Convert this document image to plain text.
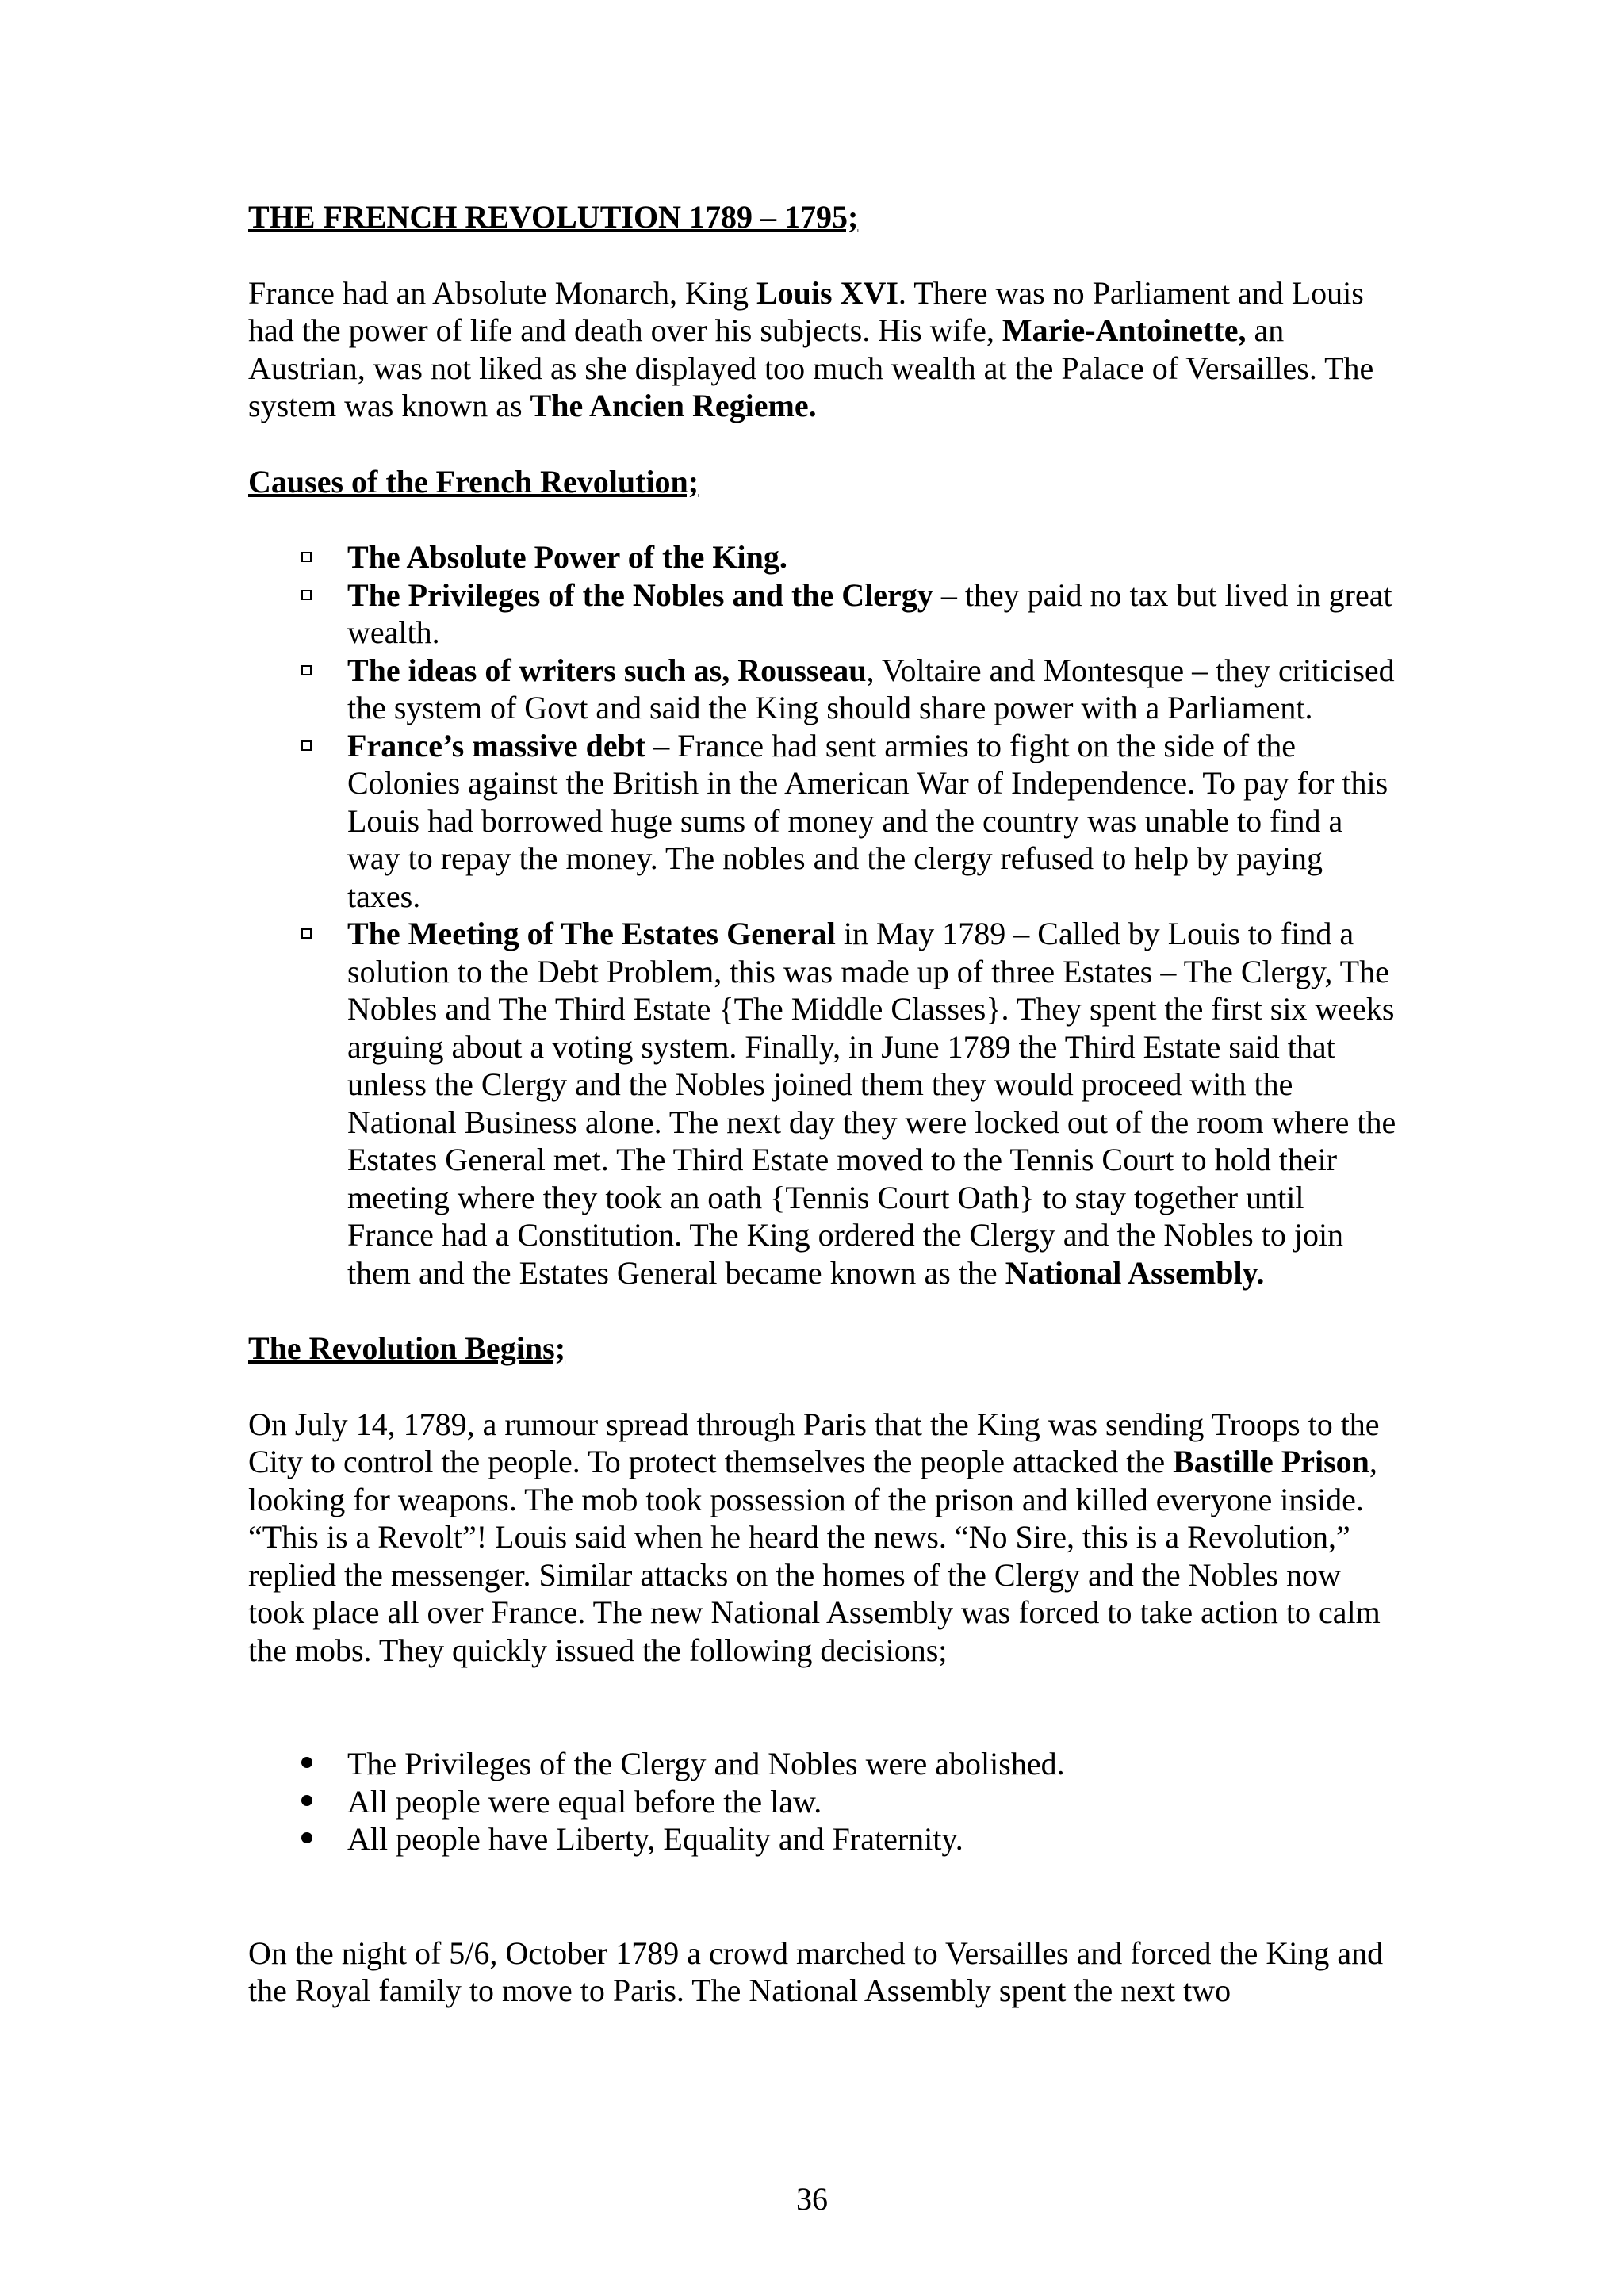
THE FRENCH REVOLUTION 1789 – 1795;

France had an Absolute Monarch, King Louis XVI. There was no Parliament and Louis had the power of life and death over his subjects. His wife, Marie-Antoinette, an Austrian, was not liked as she displayed too much wealth at the Palace of Versailles. The system was known as The Ancien Regieme.

Causes of the French Revolution;

The Absolute Power of the King.
The Privileges of the Nobles and the Clergy – they paid no tax but lived in great wealth.
The ideas of writers such as, Rousseau, Voltaire and Montesque – they criticised the system of Govt and said the King should share power with a Parliament.
France’s massive debt – France had sent armies to fight on the side of the Colonies against the British in the American War of Independence. To pay for this Louis had borrowed huge sums of money and the country was unable to find a way to repay the money. The nobles and the clergy refused to help by paying taxes.
The Meeting of The Estates General in May 1789 – Called by Louis to find a solution to the Debt Problem, this was made up of three Estates – The Clergy, The Nobles and The Third Estate {The Middle Classes}. They spent the first six weeks arguing about a voting system. Finally, in June 1789 the Third Estate said that unless the Clergy and the Nobles joined them they would proceed with the National Business alone. The next day they were locked out of the room where the Estates General met. The Third Estate moved to the Tennis Court to hold their meeting where they took an oath {Tennis Court Oath} to stay together until France had a Constitution. The King ordered the Clergy and the Nobles to join them and the Estates General became known as the National Assembly.

The Revolution Begins;

On July 14, 1789, a rumour spread through Paris that the King was sending Troops to the City to control the people. To protect themselves the people attacked the Bastille Prison, looking for weapons. The mob took possession of the prison and killed everyone inside. “This is a Revolt”! Louis said when he heard the news. “No Sire, this is a Revolution,” replied the messenger. Similar attacks on the homes of the Clergy and the Nobles now took place all over France. The new National Assembly was forced to take action to calm the mobs. They quickly issued the following decisions;

The Privileges of the Clergy and Nobles were abolished.
All people were equal before the law.
All people have Liberty, Equality and Fraternity.

On the night of 5/6, October 1789 a crowd marched to Versailles and forced the King and the Royal family to move to Paris. The National Assembly spent the next two

36
